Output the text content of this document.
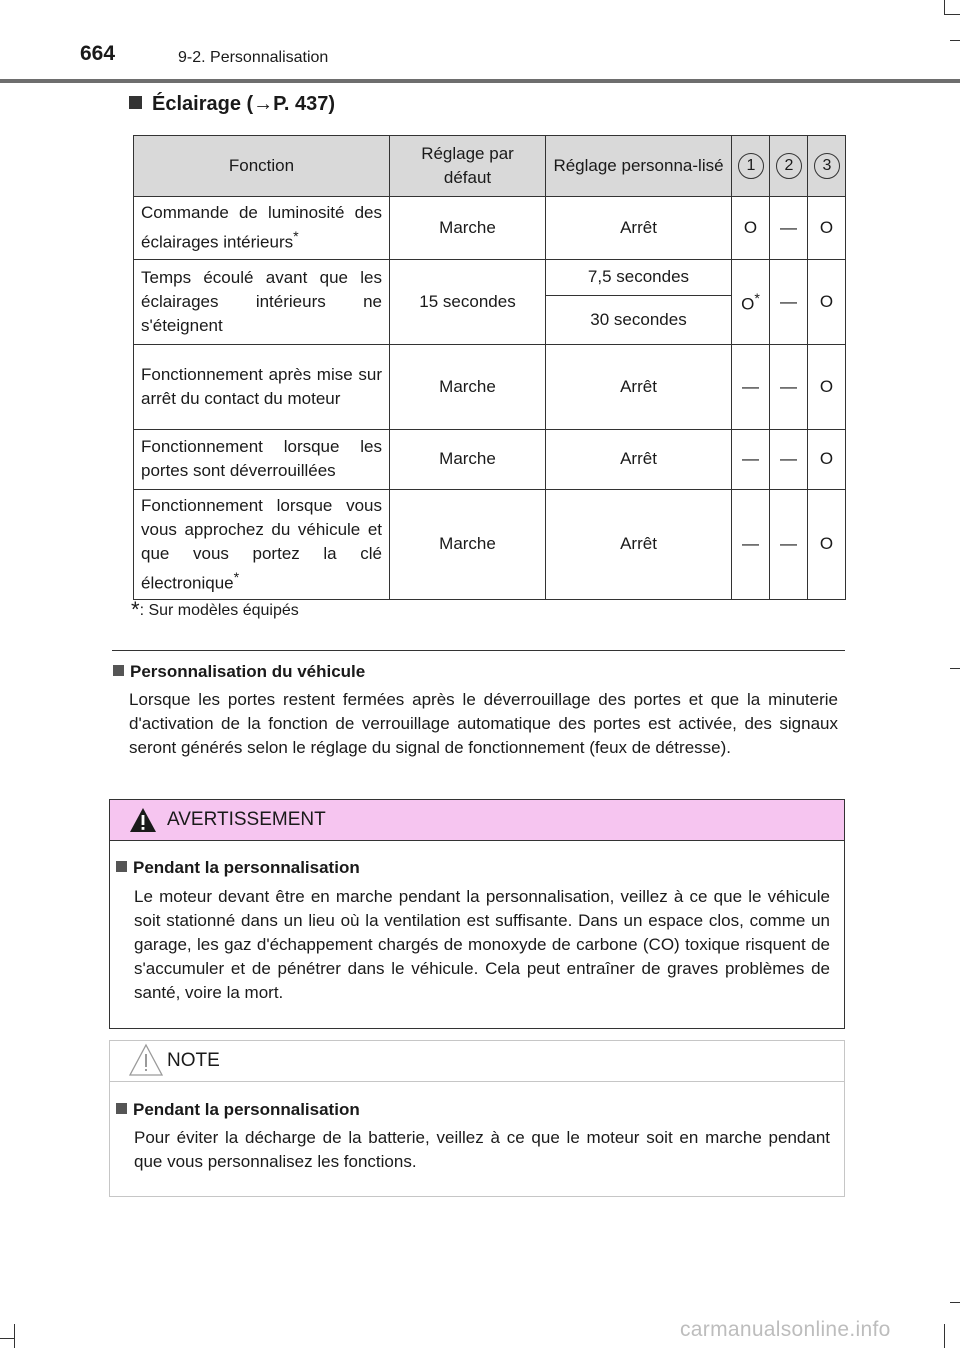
664	9-2. Personnalisation
Éclairage (→P. 437)
Fonction	Réglage par défaut	Réglage personna-lisé	1	2	3
Commande de luminosité des éclairages intérieurs*	Marche	Arrêt	O	—	O
Temps écoulé avant que les éclairages intérieurs ne s'éteignent	15 secondes	7,5 secondes	O*	—	O
		30 secondes			
Fonctionnement après mise sur arrêt du contact du moteur	Marche	Arrêt	—	—	O
Fonctionnement lorsque les portes sont déverrouillées	Marche	Arrêt	—	—	O
Fonctionnement lorsque vous vous approchez du véhicule et que vous portez la clé électronique*	Marche	Arrêt	—	—	O
*: Sur modèles équipés
Personnalisation du véhicule
Lorsque les portes restent fermées après le déverrouillage des portes et que la minuterie d'activation de la fonction de verrouillage automatique des portes est activée, des signaux seront générés selon le réglage du signal de fonctionnement (feux de détresse).
AVERTISSEMENT
Pendant la personnalisation
Le moteur devant être en marche pendant la personnalisation, veillez à ce que le véhicule soit stationné dans un lieu où la ventilation est suffisante. Dans un espace clos, comme un garage, les gaz d'échappement chargés de monoxyde de carbone (CO) toxique risquent de s'accumuler et de pénétrer dans le véhicule. Cela peut entraîner de graves problèmes de santé, voire la mort.
NOTE
Pendant la personnalisation
Pour éviter la décharge de la batterie, veillez à ce que le moteur soit en marche pendant que vous personnalisez les fonctions.
carmanualsonline.info
